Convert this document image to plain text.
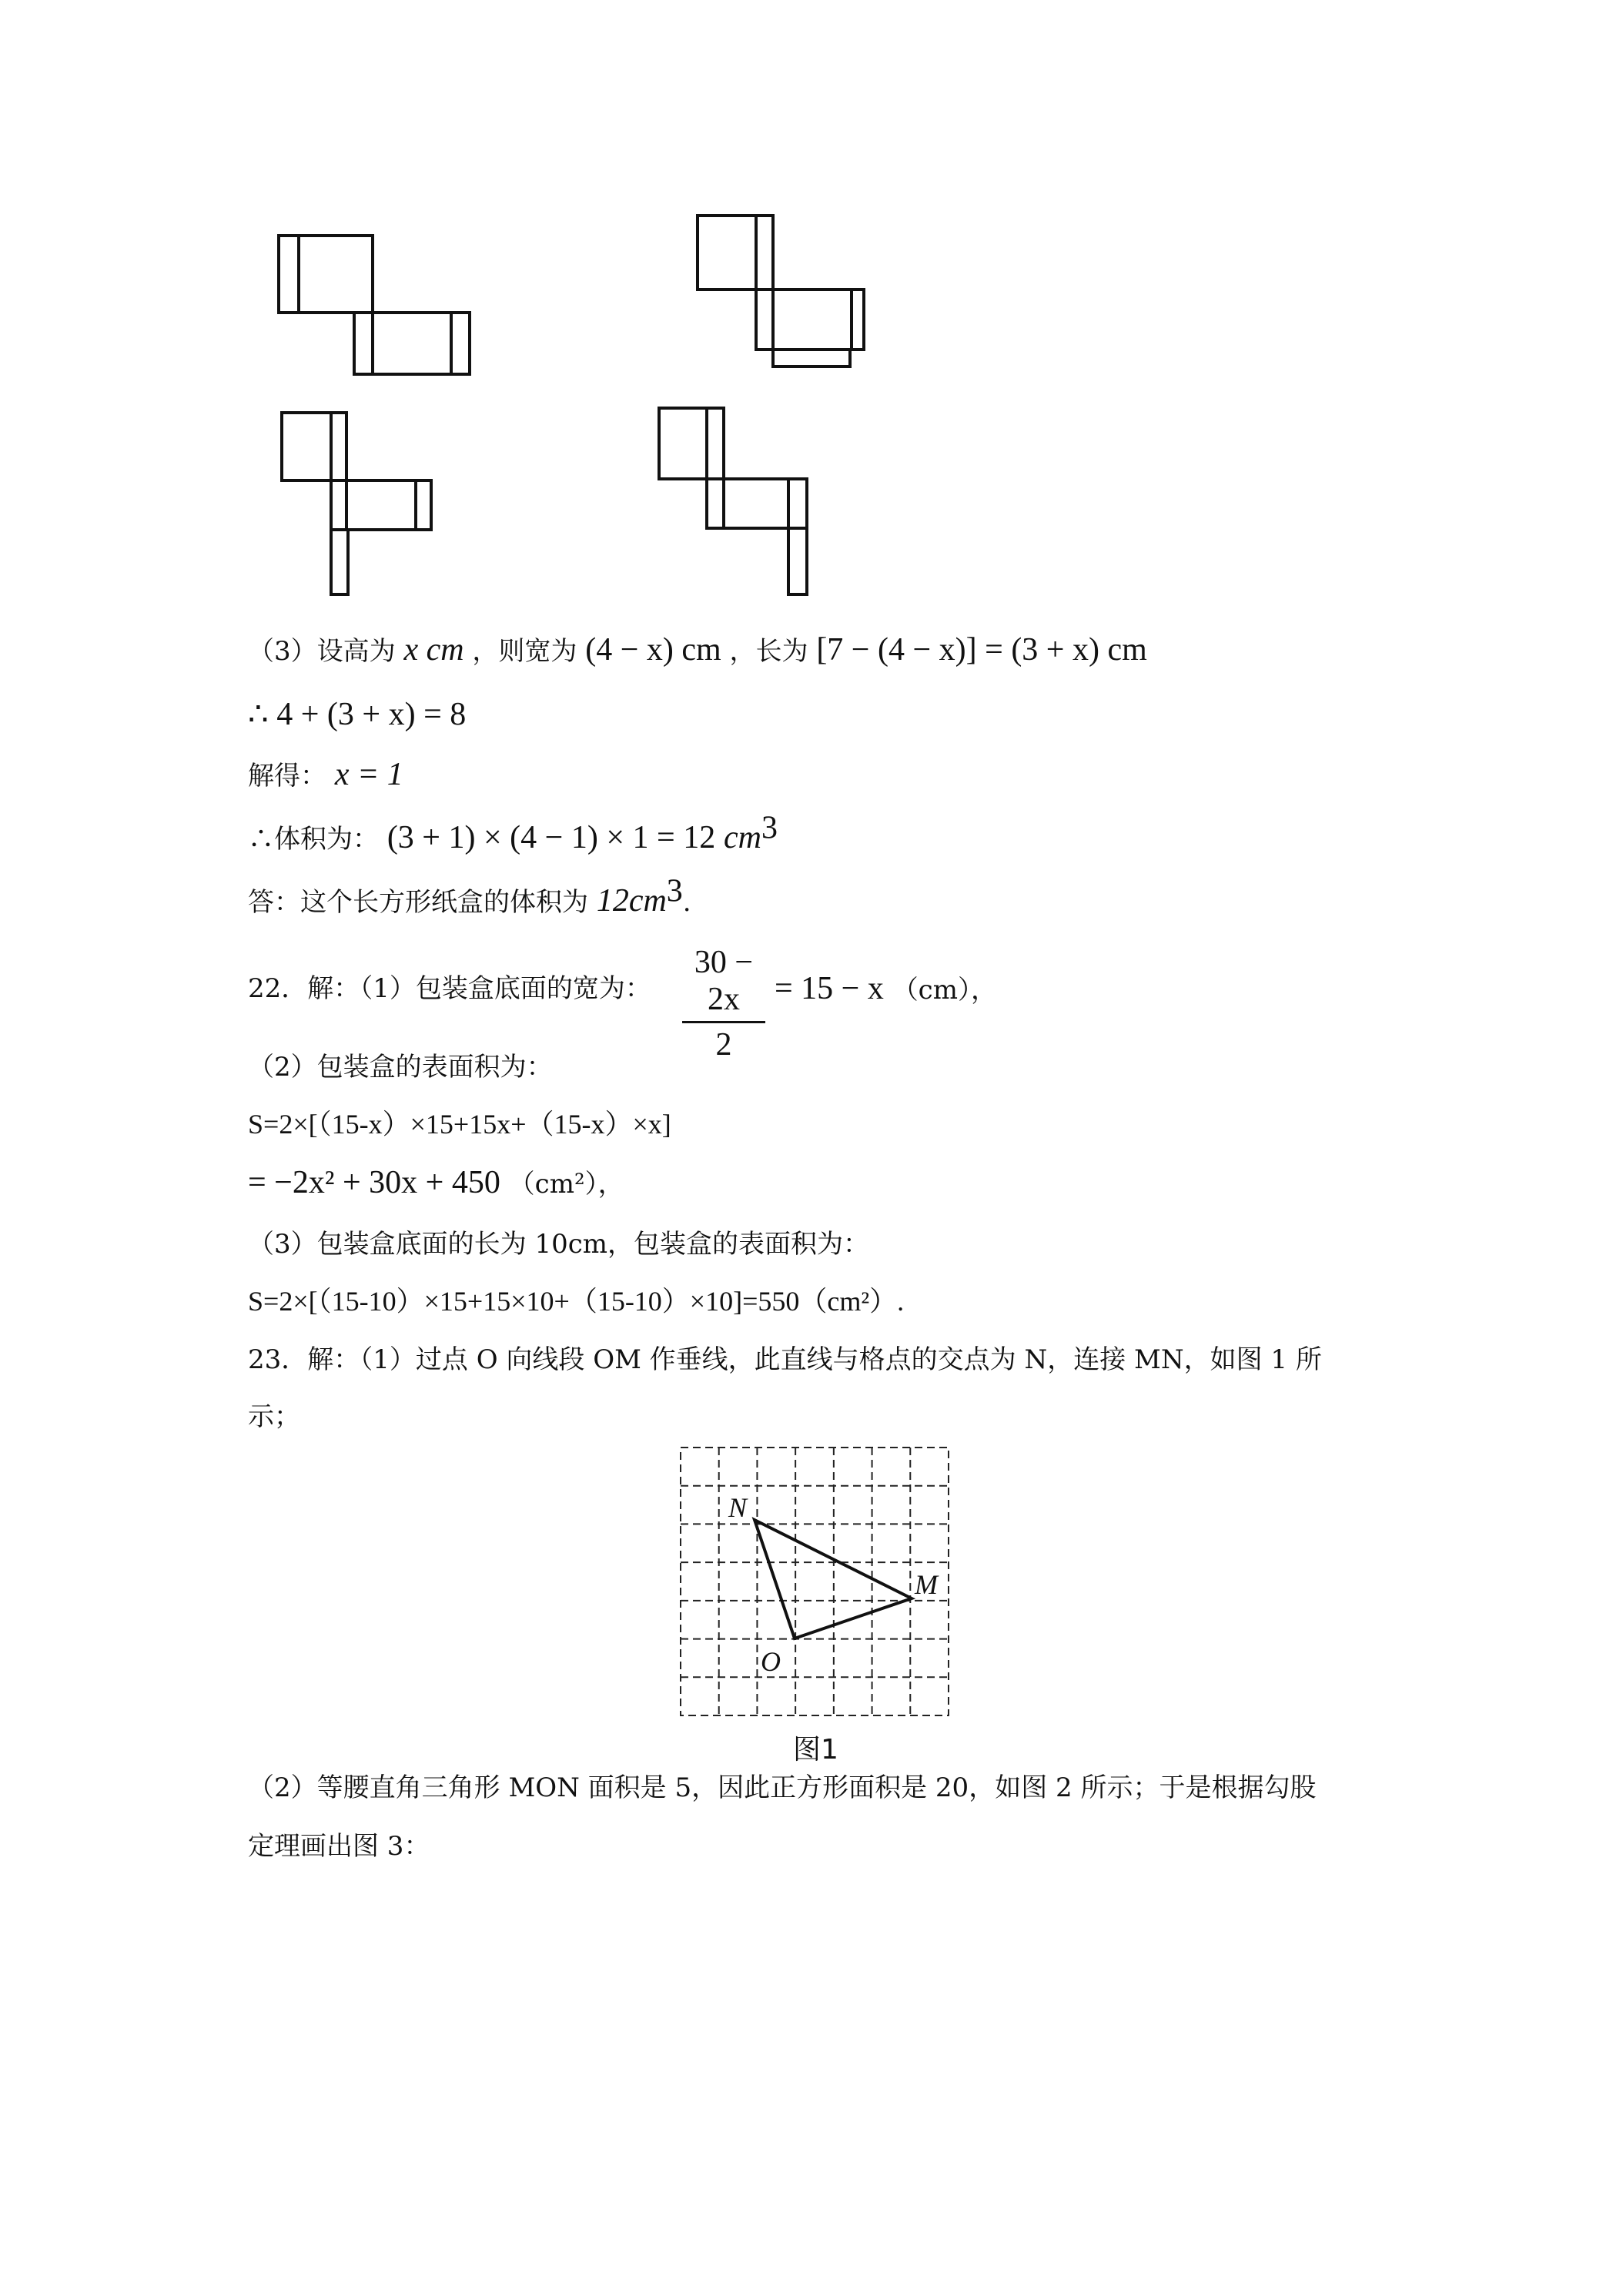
（3）设高为 x cm ，则宽为 (4 − x) cm ，长为 [7 − (4 − x)] = (3 + x) cm
∴ 4 + (3 + x) = 8
解得： x = 1
∴体积为： (3 + 1) × (4 − 1) × 1 = 12 $cm^3$
答：这个长方形纸盒的体积为 $12cm^3$.
22．解：（1）包装盒底面的宽为：
30 − 2x
2
= 15 − x （cm），
（2）包装盒的表面积为：
S=2×[（15-x）×15+15x+（15-x）×x]
= −2x² + 30x + 450 （cm²），
（3）包装盒底面的长为 10cm，包装盒的表面积为：
S=2×[（15-10）×15+15×10+（15-10）×10]=550（cm²）.
23．解：（1）过点 O 向线段 OM 作垂线，此直线与格点的交点为 N，连接 MN，如图 1 所
示；
N
M
O
图1
（2）等腰直角三角形 MON 面积是 5，因此正方形面积是 20，如图 2 所示；于是根据勾股
定理画出图 3：
